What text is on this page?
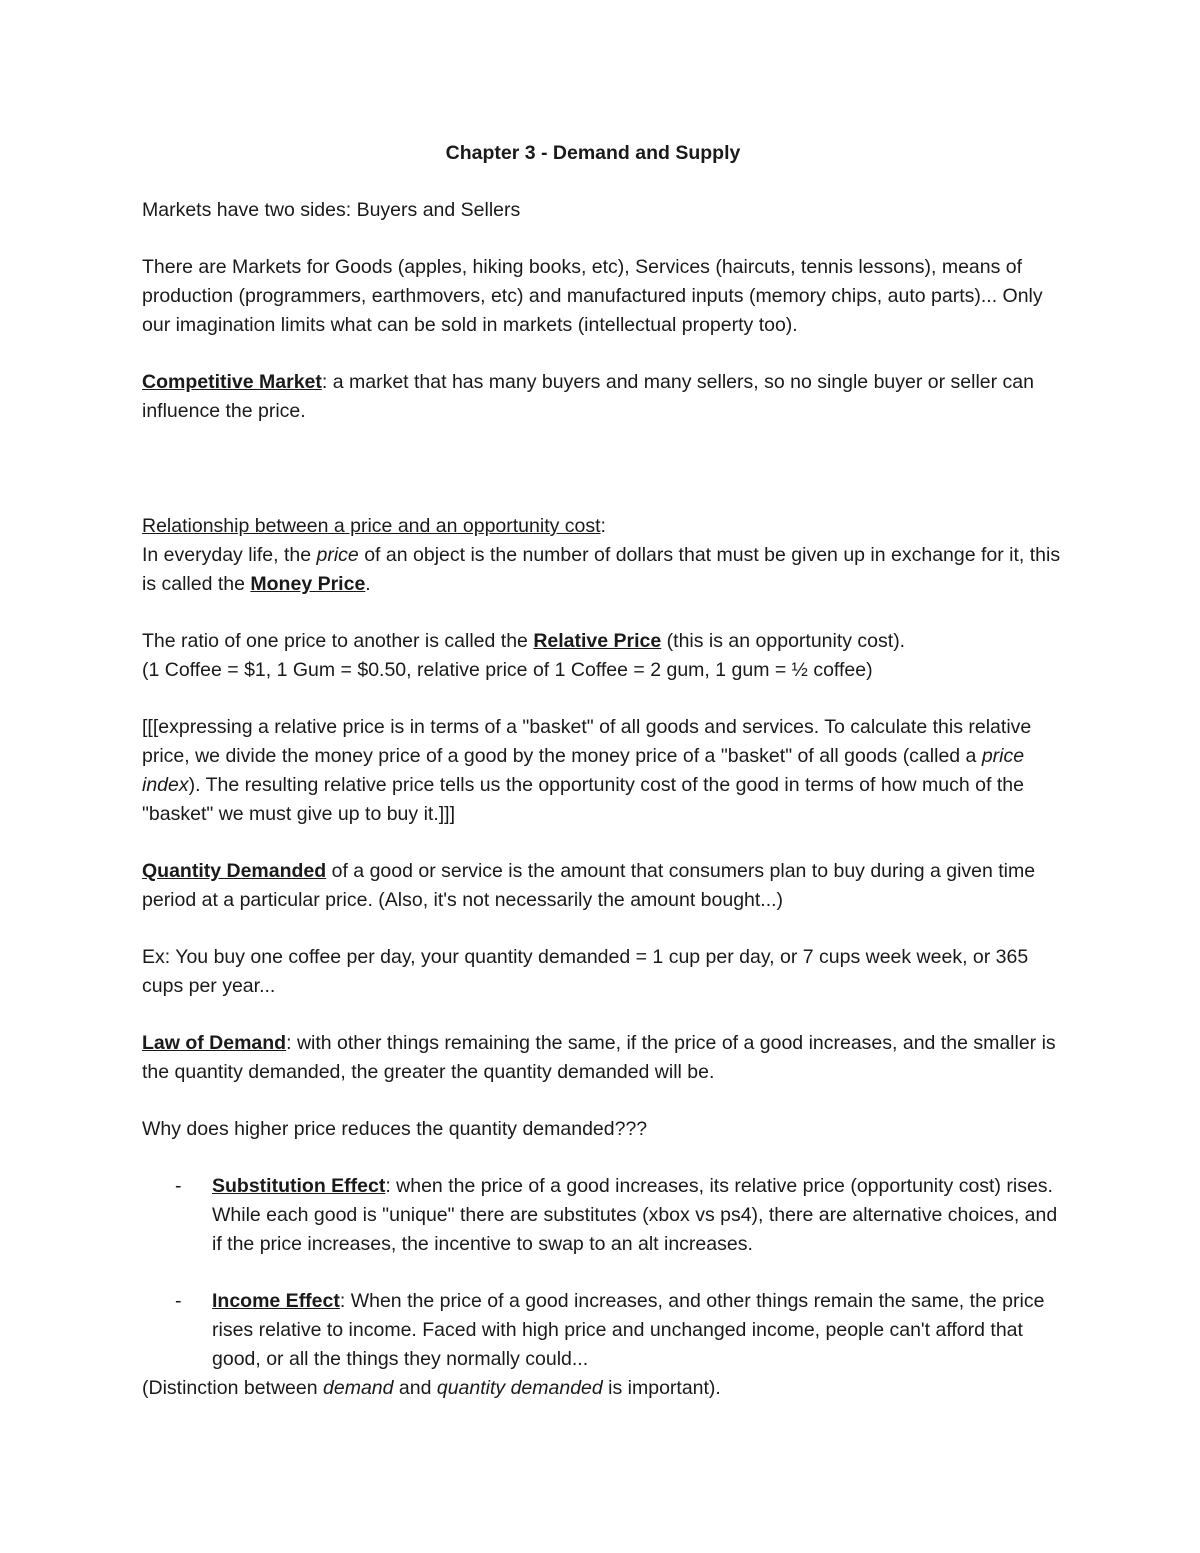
Chapter 3 - Demand and Supply

Markets have two sides: Buyers and Sellers

There are Markets for Goods (apples, hiking books, etc), Services (haircuts, tennis lessons), means of production (programmers, earthmovers, etc) and manufactured inputs (memory chips, auto parts)... Only our imagination limits what can be sold in markets (intellectual property too).

Competitive Market: a market that has many buyers and many sellers, so no single buyer or seller can influence the price.

Relationship between a price and an opportunity cost:
In everyday life, the price of an object is the number of dollars that must be given up in exchange for it, this is called the Money Price.

The ratio of one price to another is called the Relative Price (this is an opportunity cost).
(1 Coffee = $1, 1 Gum = $0.50, relative price of 1 Coffee = 2 gum, 1 gum = ½ coffee)

[[[expressing a relative price is in terms of a "basket" of all goods and services. To calculate this relative price, we divide the money price of a good by the money price of a "basket" of all goods (called a price index). The resulting relative price tells us the opportunity cost of the good in terms of how much of the "basket" we must give up to buy it.]]]

Quantity Demanded of a good or service is the amount that consumers plan to buy during a given time period at a particular price. (Also, it's not necessarily the amount bought...)

Ex: You buy one coffee per day, your quantity demanded = 1 cup per day, or 7 cups week week, or 365 cups per year...

Law of Demand: with other things remaining the same, if the price of a good increases, and the smaller is the quantity demanded, the greater the quantity demanded will be.

Why does higher price reduces the quantity demanded???

- Substitution Effect: when the price of a good increases, its relative price (opportunity cost) rises. While each good is "unique" there are substitutes (xbox vs ps4), there are alternative choices, and if the price increases, the incentive to swap to an alt increases.
- Income Effect: When the price of a good increases, and other things remain the same, the price rises relative to income. Faced with high price and unchanged income, people can't afford that good, or all the things they normally could...

(Distinction between demand and quantity demanded is important).
